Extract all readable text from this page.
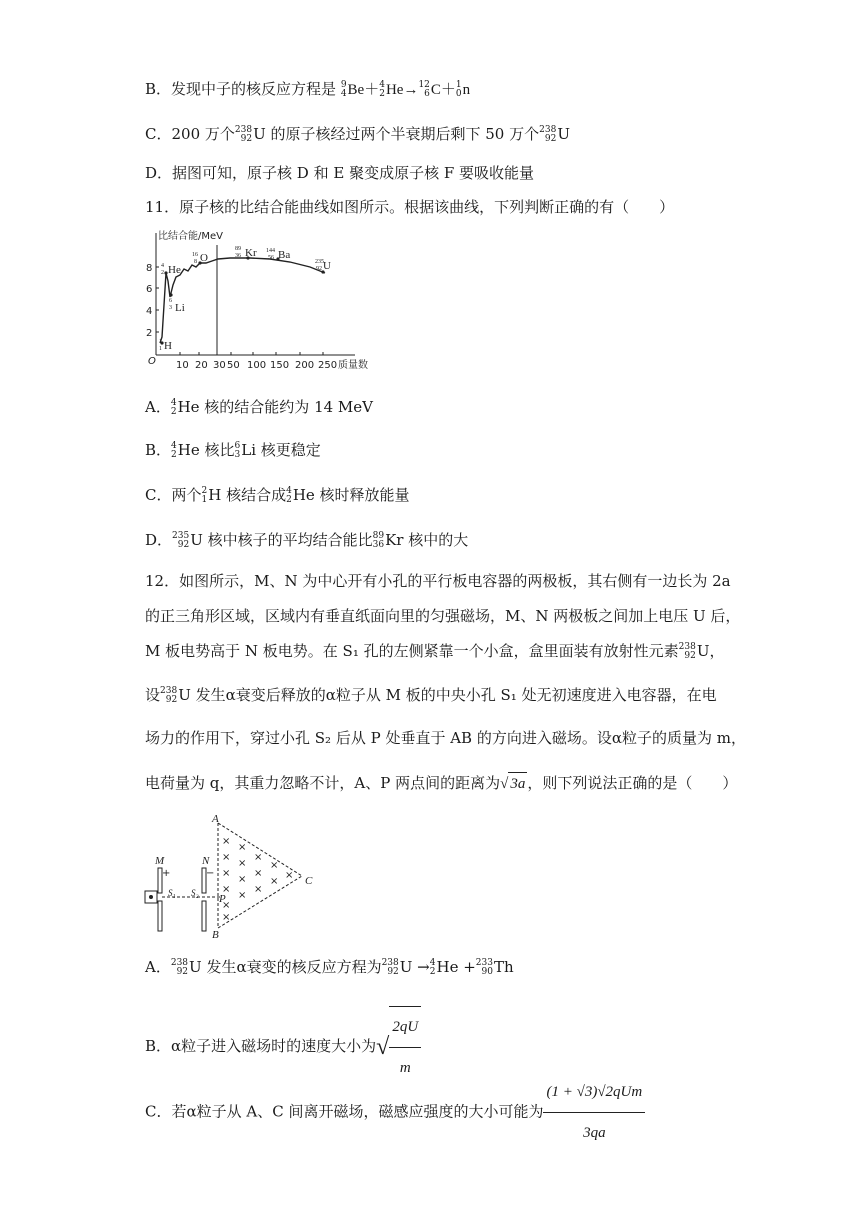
B．发现中子的核反应方程是 9
4 Be＋ 4
2 He→ 12
6 C＋ 1
0 n
C．200 万个 238
92 U 的原子核经过两个半衰期后剩下 50 万个 238
92 U
D．据图可知，原子核 D 和 E 聚变成原子核 F 要吸收能量
11．原子核的比结合能曲线如图所示。根据该曲线，下列判断正确的有（　　）
比结合能/MeV
质量数
O
2
4
6
8
10 20 30 50 100 150 200 250
He
Li
H
O	Kr Ba
U
4
2
6
3
1
1
16
8
89
36
144
56
235
92
A． 4
2 He 核的结合能约为 14 MeV
B． 4
2 He 核比 6
3 Li 核更稳定
C．两个 2
1 H 核结合成 4
2 He 核时释放能量
D． 235
92 U 核中核子的平均结合能比 89
36 Kr 核中的大
12．如图所示，M、N 为中心开有小孔的平行板电容器的两极板，其右侧有一边长为 2a
的正三角形区域，区域内有垂直纸面向里的匀强磁场，M、N 两极板之间加上电压 U 后，
M 板电势高于 N 板电势。在 S₁ 孔的左侧紧靠一个小盒，盒里面装有放射性元素 238
92 U，
设 238
92 U 发生α衰变后释放的α粒子从 M 板的中央小孔 S₁ 处无初速度进入电容器，在电
场力的作用下，穿过小孔 S₂ 后从 P 处垂直于 AB 的方向进入磁场。设α粒子的质量为 m，
电荷量为 q，其重力忽略不计，A、P 两点间的距离为√ 3a ，则下列说法正确的是（　　）
M	N
A
B
C
P
S₁ S₂
+	−
×
×
×
×
×
×
×
×
×
×
×
×
×
×
×
×
A． 238
92 U 发生α衰变的核反应方程为 238
92 U → 4
2 He + 233
90 Th
B．α粒子进入磁场时的速度大小为√ $\frac{2qU}{m}$
C．若α粒子从 A、C 间离开磁场，磁感应强度的大小可能为 $\frac{\text{(1 + √3)√2qUm}}{3qa}$
